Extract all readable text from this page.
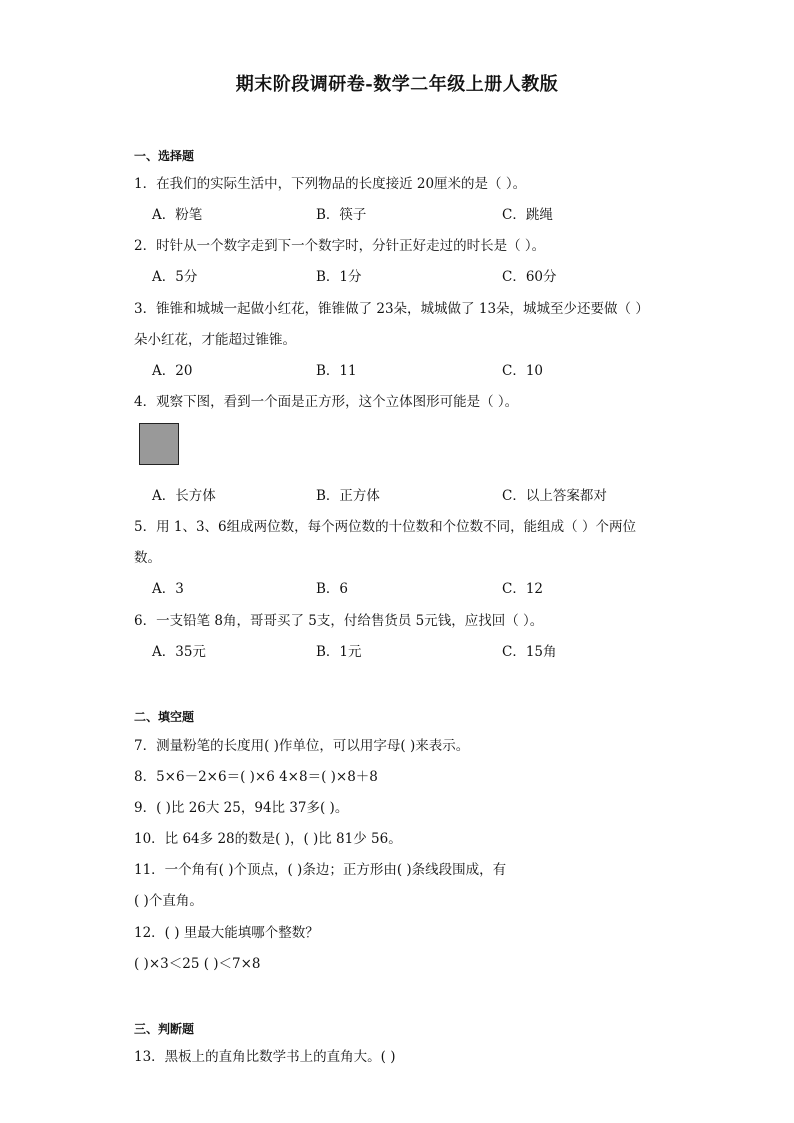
期末阶段调研卷-数学二年级上册人教版
一、选择题
1．在我们的实际生活中，下列物品的长度接近 20厘米的是（ ）。
A．粉笔	B．筷子	C．跳绳
2．时针从一个数字走到下一个数字时，分针正好走过的时长是（ ）。
A．5分	B．1分	C．60分
3．锥锥和城城一起做小红花，锥锥做了 23朵，城城做了 13朵，城城至少还要做（ ）
朵小红花，才能超过锥锥。
A．20	B．11	C．10
4．观察下图，看到一个面是正方形，这个立体图形可能是（ ）。
A．长方体	B．正方体	C．以上答案都对
5．用 1、3、6组成两位数，每个两位数的十位数和个位数不同，能组成（ ）个两位
数。
A．3	B．6	C．12
6．一支铅笔 8角，哥哥买了 5支，付给售货员 5元钱，应找回（ ）。
A．35元	B．1元	C．15角
二、填空题
7．测量粉笔的长度用( )作单位，可以用字母( )来表示。
8．5×6－2×6＝( )×6 4×8＝( )×8＋8
9．( )比 26大 25，94比 37多( )。
10．比 64多 28的数是( )，( )比 81少 56。
11．一个角有( )个顶点，( )条边；正方形由( )条线段围成，有
( )个直角。
12．( ) 里最大能填哪个整数？
( )×3＜25 ( )＜7×8
三、判断题
13．黑板上的直角比数学书上的直角大。( )
